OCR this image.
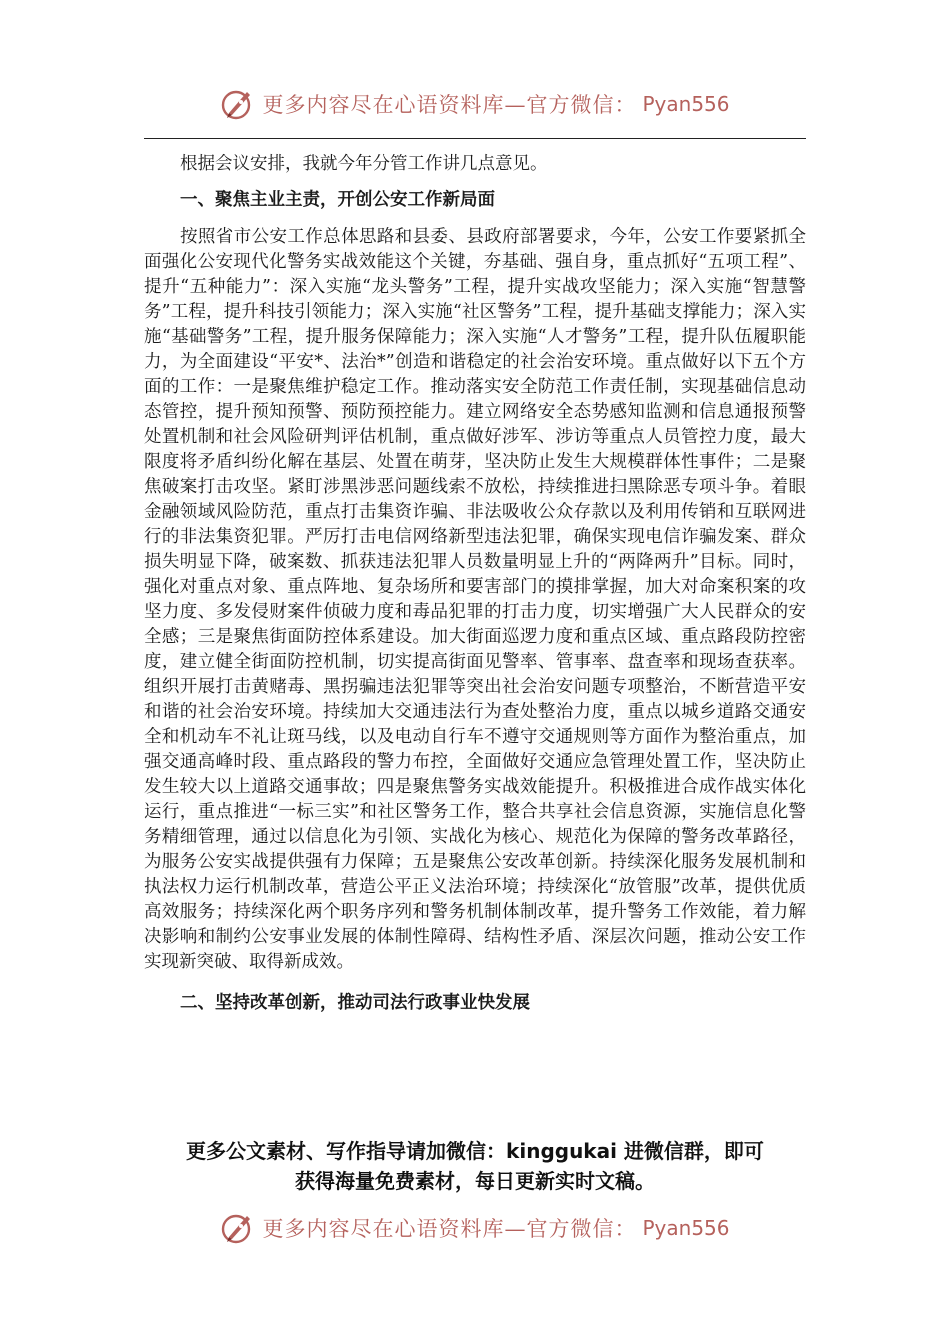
更多内容尽在心语资料库—官方微信： Pyan556

根据会议安排，我就今年分管工作讲几点意见。

一、聚焦主业主责，开创公安工作新局面

按照省市公安工作总体思路和县委、县政府部署要求，今年，公安工作要紧抓全面强化公安现代化警务实战效能这个关键，夯基础、强自身，重点抓好“五项工程”、提升“五种能力”：深入实施“龙头警务”工程，提升实战攻坚能力；深入实施“智慧警务”工程，提升科技引领能力；深入实施“社区警务”工程，提升基础支撑能力；深入实施“基础警务”工程，提升服务保障能力；深入实施“人才警务”工程，提升队伍履职能力，为全面建设“平安*、法治*”创造和谐稳定的社会治安环境。重点做好以下五个方面的工作：一是聚焦维护稳定工作。推动落实安全防范工作责任制，实现基础信息动态管控，提升预知预警、预防预控能力。建立网络安全态势感知监测和信息通报预警处置机制和社会风险研判评估机制，重点做好涉军、涉访等重点人员管控力度，最大限度将矛盾纠纷化解在基层、处置在萌芽，坚决防止发生大规模群体性事件；二是聚焦破案打击攻坚。紧盯涉黑涉恶问题线索不放松，持续推进扫黑除恶专项斗争。着眼金融领域风险防范，重点打击集资诈骗、非法吸收公众存款以及利用传销和互联网进行的非法集资犯罪。严厉打击电信网络新型违法犯罪，确保实现电信诈骗发案、群众损失明显下降，破案数、抓获违法犯罪人员数量明显上升的“两降两升”目标。同时，强化对重点对象、重点阵地、复杂场所和要害部门的摸排掌握，加大对命案积案的攻坚力度、多发侵财案件侦破力度和毒品犯罪的打击力度，切实增强广大人民群众的安全感；三是聚焦街面防控体系建设。加大街面巡逻力度和重点区域、重点路段防控密度，建立健全街面防控机制，切实提高街面见警率、管事率、盘查率和现场查获率。组织开展打击黄赌毒、黑拐骗违法犯罪等突出社会治安问题专项整治，不断营造平安和谐的社会治安环境。持续加大交通违法行为查处整治力度，重点以城乡道路交通安全和机动车不礼让斑马线，以及电动自行车不遵守交通规则等方面作为整治重点，加强交通高峰时段、重点路段的警力布控，全面做好交通应急管理处置工作，坚决防止发生较大以上道路交通事故；四是聚焦警务实战效能提升。积极推进合成作战实体化运行，重点推进“一标三实”和社区警务工作，整合共享社会信息资源，实施信息化警务精细管理，通过以信息化为引领、实战化为核心、规范化为保障的警务改革路径，为服务公安实战提供强有力保障；五是聚焦公安改革创新。持续深化服务发展机制和执法权力运行机制改革，营造公平正义法治环境；持续深化“放管服”改革，提供优质高效服务；持续深化两个职务序列和警务机制体制改革，提升警务工作效能，着力解决影响和制约公安事业发展的体制性障碍、结构性矛盾、深层次问题，推动公安工作实现新突破、取得新成效。

二、坚持改革创新，推动司法行政事业快发展

更多公文素材、写作指导请加微信：kinggukai 进微信群，即可
获得海量免费素材，每日更新实时文稿。
更多内容尽在心语资料库—官方微信： Pyan556
